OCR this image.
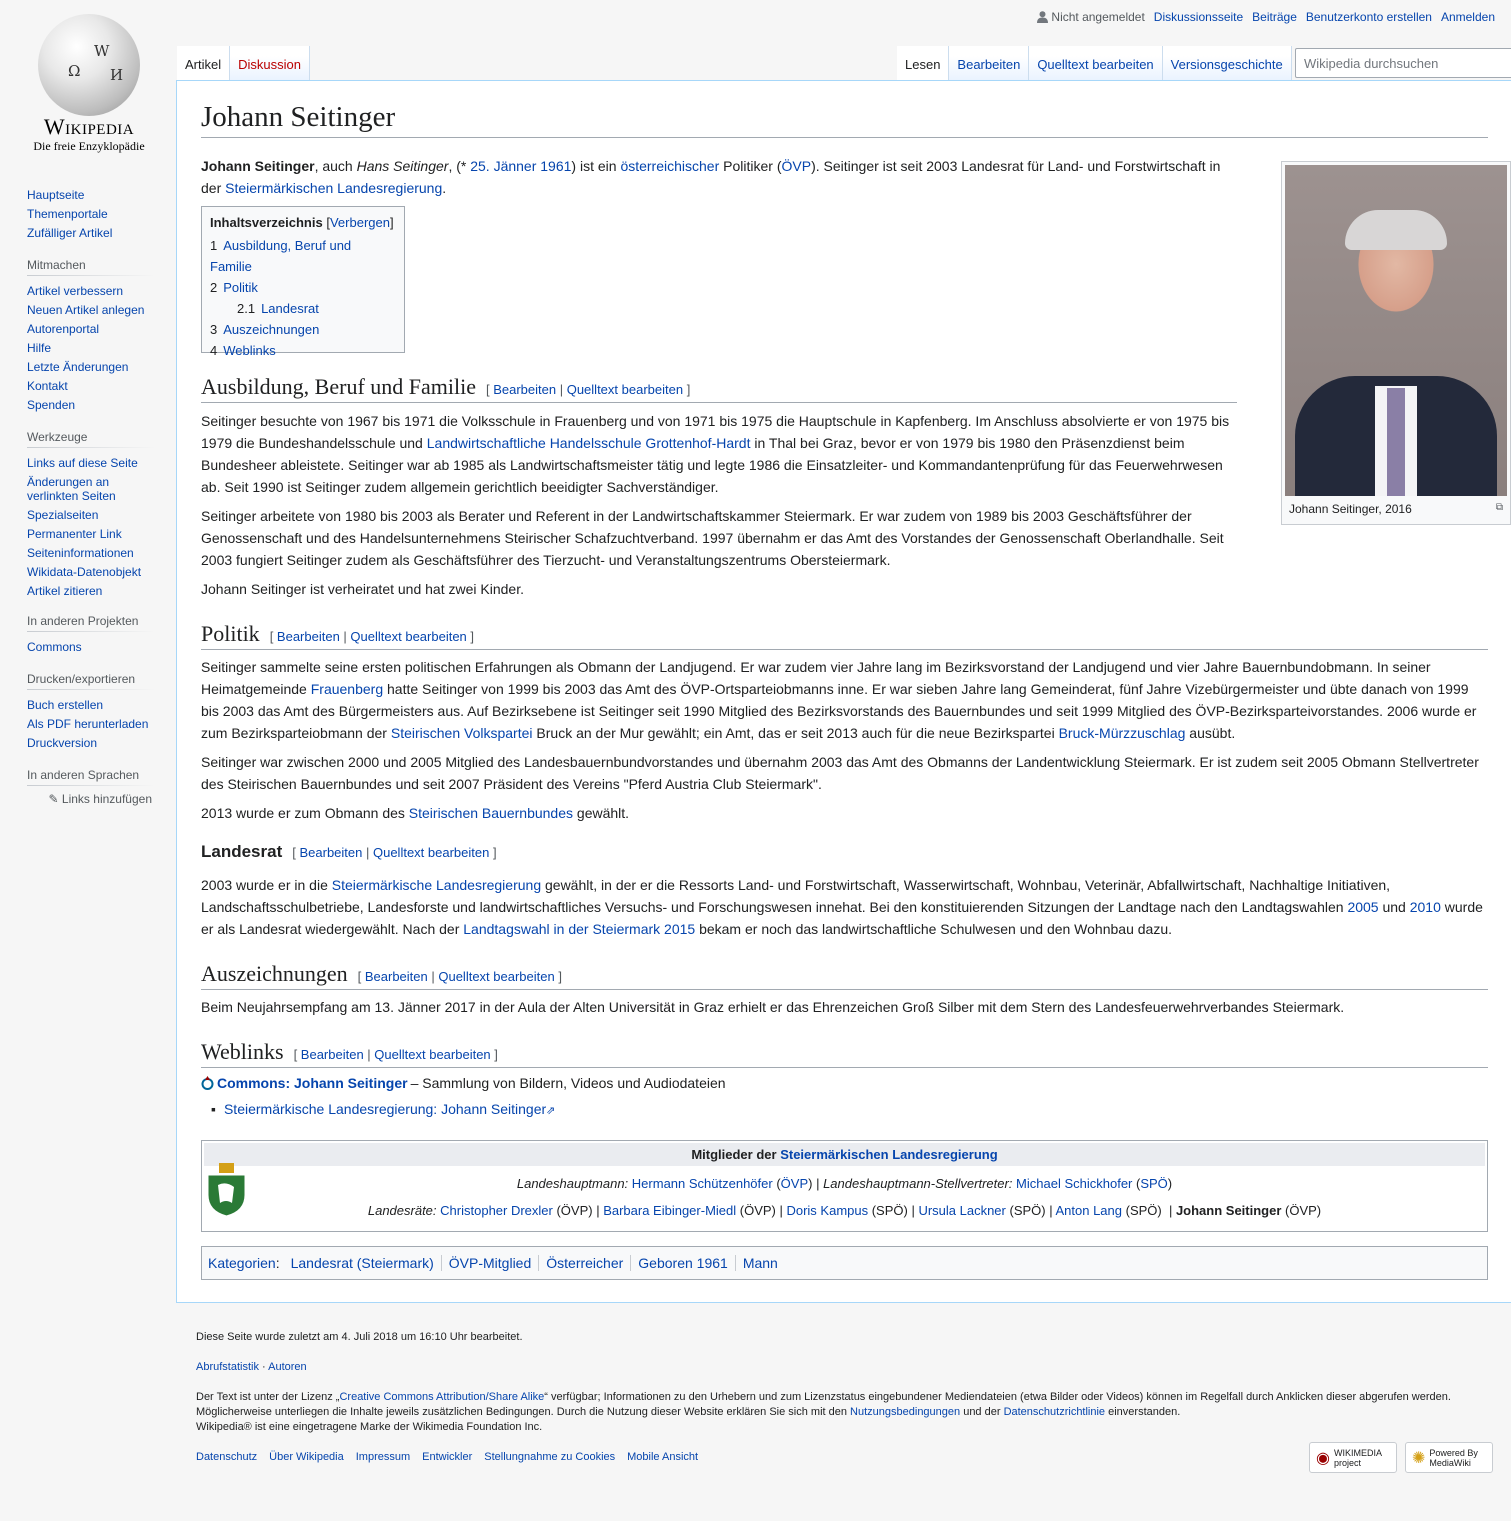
Ω
W
И
Wikipedia
Die freie Enzyklopädie
Hauptseite
Themenportale
Zufälliger Artikel
Mitmachen
Artikel verbessern
Neuen Artikel anlegen
Autorenportal
Hilfe
Letzte Änderungen
Kontakt
Spenden
Werkzeuge
Links auf diese Seite
Änderungen an verlinkten Seiten
Spezialseiten
Permanenter Link
Seiteninformationen
Wikidata-Datenobjekt
Artikel zitieren
In anderen Projekten
Commons
Drucken/exportieren
Buch erstellen
Als PDF herunterladen
Druckversion
In anderen Sprachen
✎ Links hinzufügen
Nicht angemeldet Diskussionsseite Beiträge Benutzerkonto erstellen Anmelden
Artikel	Diskussion	Lesen	Bearbeiten	Quelltext bearbeiten	Versionsgeschichte	Wikipedia durchsuchen
Johann Seitinger
Johann Seitinger, auch Hans Seitinger, (* 25. Jänner 1961) ist ein österreichischer Politiker (ÖVP). Seitinger ist seit 2003 Landesrat für Land- und Forstwirtschaft in der Steiermärkischen Landesregierung.
Inhaltsverzeichnis [Verbergen]
1 Ausbildung, Beruf und Familie
2 Politik
2.1 Landesrat
3 Auszeichnungen
4 Weblinks
Johann Seitinger, 2016	⧉
Ausbildung, Beruf und Familie [ Bearbeiten | Quelltext bearbeiten ]
Seitinger besuchte von 1967 bis 1971 die Volksschule in Frauenberg und von 1971 bis 1975 die Hauptschule in Kapfenberg. Im Anschluss absolvierte er von 1975 bis 1979 die Bundeshandelsschule und Landwirtschaftliche Handelsschule Grottenhof-Hardt in Thal bei Graz, bevor er von 1979 bis 1980 den Präsenzdienst beim Bundesheer ableistete. Seitinger war ab 1985 als Landwirtschaftsmeister tätig und legte 1986 die Einsatzleiter- und Kommandantenprüfung für das Feuerwehrwesen ab. Seit 1990 ist Seitinger zudem allgemein gerichtlich beeidigter Sachverständiger.
Seitinger arbeitete von 1980 bis 2003 als Berater und Referent in der Landwirtschaftskammer Steiermark. Er war zudem von 1989 bis 2003 Geschäftsführer der Genossenschaft und des Handelsunternehmens Steirischer Schafzuchtverband. 1997 übernahm er das Amt des Vorstandes der Genossenschaft Oberlandhalle. Seit 2003 fungiert Seitinger zudem als Geschäftsführer des Tierzucht- und Veranstaltungszentrums Obersteiermark.
Johann Seitinger ist verheiratet und hat zwei Kinder.
Politik [ Bearbeiten | Quelltext bearbeiten ]
Seitinger sammelte seine ersten politischen Erfahrungen als Obmann der Landjugend. Er war zudem vier Jahre lang im Bezirksvorstand der Landjugend und vier Jahre Bauernbundobmann. In seiner Heimatgemeinde Frauenberg hatte Seitinger von 1999 bis 2003 das Amt des ÖVP-Ortsparteiobmanns inne. Er war sieben Jahre lang Gemeinderat, fünf Jahre Vizebürgermeister und übte danach von 1999 bis 2003 das Amt des Bürgermeisters aus. Auf Bezirksebene ist Seitinger seit 1990 Mitglied des Bezirksvorstands des Bauernbundes und seit 1999 Mitglied des ÖVP-Bezirksparteivorstandes. 2006 wurde er zum Bezirksparteiobmann der Steirischen Volkspartei Bruck an der Mur gewählt; ein Amt, das er seit 2013 auch für die neue Bezirkspartei Bruck-Mürzzuschlag ausübt.
Seitinger war zwischen 2000 und 2005 Mitglied des Landesbauernbundvorstandes und übernahm 2003 das Amt des Obmanns der Landentwicklung Steiermark. Er ist zudem seit 2005 Obmann Stellvertreter des Steirischen Bauernbundes und seit 2007 Präsident des Vereins "Pferd Austria Club Steiermark".
2013 wurde er zum Obmann des Steirischen Bauernbundes gewählt.
Landesrat [ Bearbeiten | Quelltext bearbeiten ]
2003 wurde er in die Steiermärkische Landesregierung gewählt, in der er die Ressorts Land- und Forstwirtschaft, Wasserwirtschaft, Wohnbau, Veterinär, Abfallwirtschaft, Nachhaltige Initiativen, Landschaftsschulbetriebe, Landesforste und landwirtschaftliches Versuchs- und Forschungswesen innehat. Bei den konstituierenden Sitzungen der Landtage nach den Landtagswahlen 2005 und 2010 wurde er als Landesrat wiedergewählt. Nach der Landtagswahl in der Steiermark 2015 bekam er noch das landwirtschaftliche Schulwesen und den Wohnbau dazu.
Auszeichnungen [ Bearbeiten | Quelltext bearbeiten ]
Beim Neujahrsempfang am 13. Jänner 2017 in der Aula der Alten Universität in Graz erhielt er das Ehrenzeichen Groß Silber mit dem Stern des Landesfeuerwehrverbandes Steiermark.
Weblinks [ Bearbeiten | Quelltext bearbeiten ]
Commons: Johann Seitinger – Sammlung von Bildern, Videos und Audiodateien
▪ Steiermärkische Landesregierung: Johann Seitinger⇗
Mitglieder der Steiermärkischen Landesregierung
Landeshauptmann: Hermann Schützenhöfer (ÖVP) | Landeshauptmann-Stellvertreter: Michael Schickhofer (SPÖ)
Landesräte: Christopher Drexler (ÖVP) | Barbara Eibinger-Miedl (ÖVP) | Doris Kampus (SPÖ) | Ursula Lackner (SPÖ) | Anton Lang (SPÖ)  | Johann Seitinger (ÖVP)
Kategorien : Landesrat (Steiermark)	ÖVP-Mitglied	Österreicher	Geboren 1961	Mann
Diese Seite wurde zuletzt am 4. Juli 2018 um 16:10 Uhr bearbeitet.
Abrufstatistik · Autoren
Der Text ist unter der Lizenz „Creative Commons Attribution/Share Alike“ verfügbar; Informationen zu den Urhebern und zum Lizenzstatus eingebundener Mediendateien (etwa Bilder oder Videos) können im Regelfall durch Anklicken dieser abgerufen werden. Möglicherweise unterliegen die Inhalte jeweils zusätzlichen Bedingungen. Durch die Nutzung dieser Website erklären Sie sich mit den Nutzungsbedingungen und der Datenschutzrichtlinie einverstanden.
Wikipedia® ist eine eingetragene Marke der Wikimedia Foundation Inc.
Datenschutz Über Wikipedia Impressum Entwickler Stellungnahme zu Cookies Mobile Ansicht	◉ WIKIMEDIA project	✺ Powered By MediaWiki
